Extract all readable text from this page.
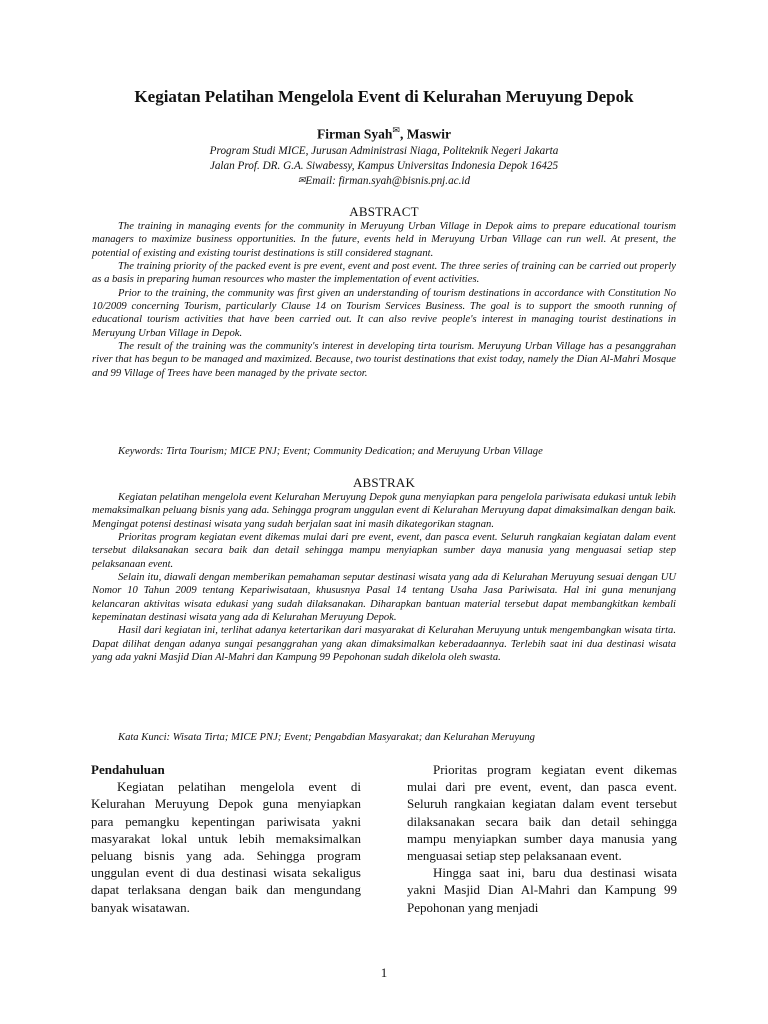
Kegiatan Pelatihan Mengelola Event di Kelurahan Meruyung Depok
Firman Syah✉, Maswir
Program Studi MICE, Jurusan Administrasi Niaga, Politeknik Negeri Jakarta
Jalan Prof. DR. G.A. Siwabessy, Kampus Universitas Indonesia Depok 16425
✉Email: firman.syah@bisnis.pnj.ac.id
ABSTRACT

The training in managing events for the community in Meruyung Urban Village in Depok aims to prepare educational tourism managers to maximize business opportunities. In the future, events held in Meruyung Urban Village can run well. At present, the potential of existing and existing tourist destinations is still considered stagnant.

The training priority of the packed event is pre event, event and post event. The three series of training can be carried out properly as a basis in preparing human resources who master the implementation of event activities.

Prior to the training, the community was first given an understanding of tourism destinations in accordance with Constitution No 10/2009 concerning Tourism, particularly Clause 14 on Tourism Services Business. The goal is to support the smooth running of educational tourism activities that have been carried out. It can also revive people's interest in managing tourist destinations in Meruyung Urban Village in Depok.

The result of the training was the community's interest in developing tirta tourism. Meruyung Urban Village has a pesanggrahan river that has begun to be managed and maximized. Because, two tourist destinations that exist today, namely the Dian Al-Mahri Mosque and 99 Village of Trees have been managed by the private sector.

Keywords: Tirta Tourism; MICE PNJ; Event; Community Dedication; and Meruyung Urban Village
ABSTRAK

Kegiatan pelatihan mengelola event Kelurahan Meruyung Depok guna menyiapkan para pengelola pariwisata edukasi untuk lebih memaksimalkan peluang bisnis yang ada. Sehingga program unggulan event di Kelurahan Meruyung dapat dimaksimalkan dengan baik. Mengingat potensi destinasi wisata yang sudah berjalan saat ini masih dikategorikan stagnan.

Prioritas program kegiatan event dikemas mulai dari pre event, event, dan pasca event. Seluruh rangkaian kegiatan dalam event tersebut dilaksanakan secara baik dan detail sehingga mampu menyiapkan sumber daya manusia yang menguasai setiap step pelaksanaan event.

Selain itu, diawali dengan memberikan pemahaman seputar destinasi wisata yang ada di Kelurahan Meruyung sesuai dengan UU Nomor 10 Tahun 2009 tentang Kepariwisataan, khususnya Pasal 14 tentang Usaha Jasa Pariwisata. Hal ini guna menunjang kelancaran aktivitas wisata edukasi yang sudah dilaksanakan. Diharapkan bantuan material tersebut dapat membangkitkan kembali kepeminatan destinasi wisata yang ada di Kelurahan Meruyung Depok.

Hasil dari kegiatan ini, terlihat adanya ketertarikan dari masyarakat di Kelurahan Meruyung untuk mengembangkan wisata tirta. Dapat dilihat dengan adanya sungai pesanggrahan yang akan dimaksimalkan keberadaannya. Terlebih saat ini dua destinasi wisata yang ada yakni Masjid Dian Al-Mahri dan Kampung 99 Pepohonan sudah dikelola oleh swasta.

Kata Kunci: Wisata Tirta; MICE PNJ; Event; Pengabdian Masyarakat; dan Kelurahan Meruyung

Pendahuluan

Kegiatan pelatihan mengelola event di Kelurahan Meruyung Depok guna menyiapkan para pemangku kepentingan pariwisata yakni masyarakat lokal untuk lebih memaksimalkan peluang bisnis yang ada. Sehingga program unggulan event di dua destinasi wisata sekaligus dapat terlaksana dengan baik dan mengundang banyak wisatawan.

Prioritas program kegiatan event dikemas mulai dari pre event, event, dan pasca event. Seluruh rangkaian kegiatan dalam event tersebut dilaksanakan secara baik dan detail sehingga mampu menyiapkan sumber daya manusia yang menguasai setiap step pelaksanaan event.

Hingga saat ini, baru dua destinasi wisata yakni Masjid Dian Al-Mahri dan Kampung 99 Pepohonan yang menjadi

1
